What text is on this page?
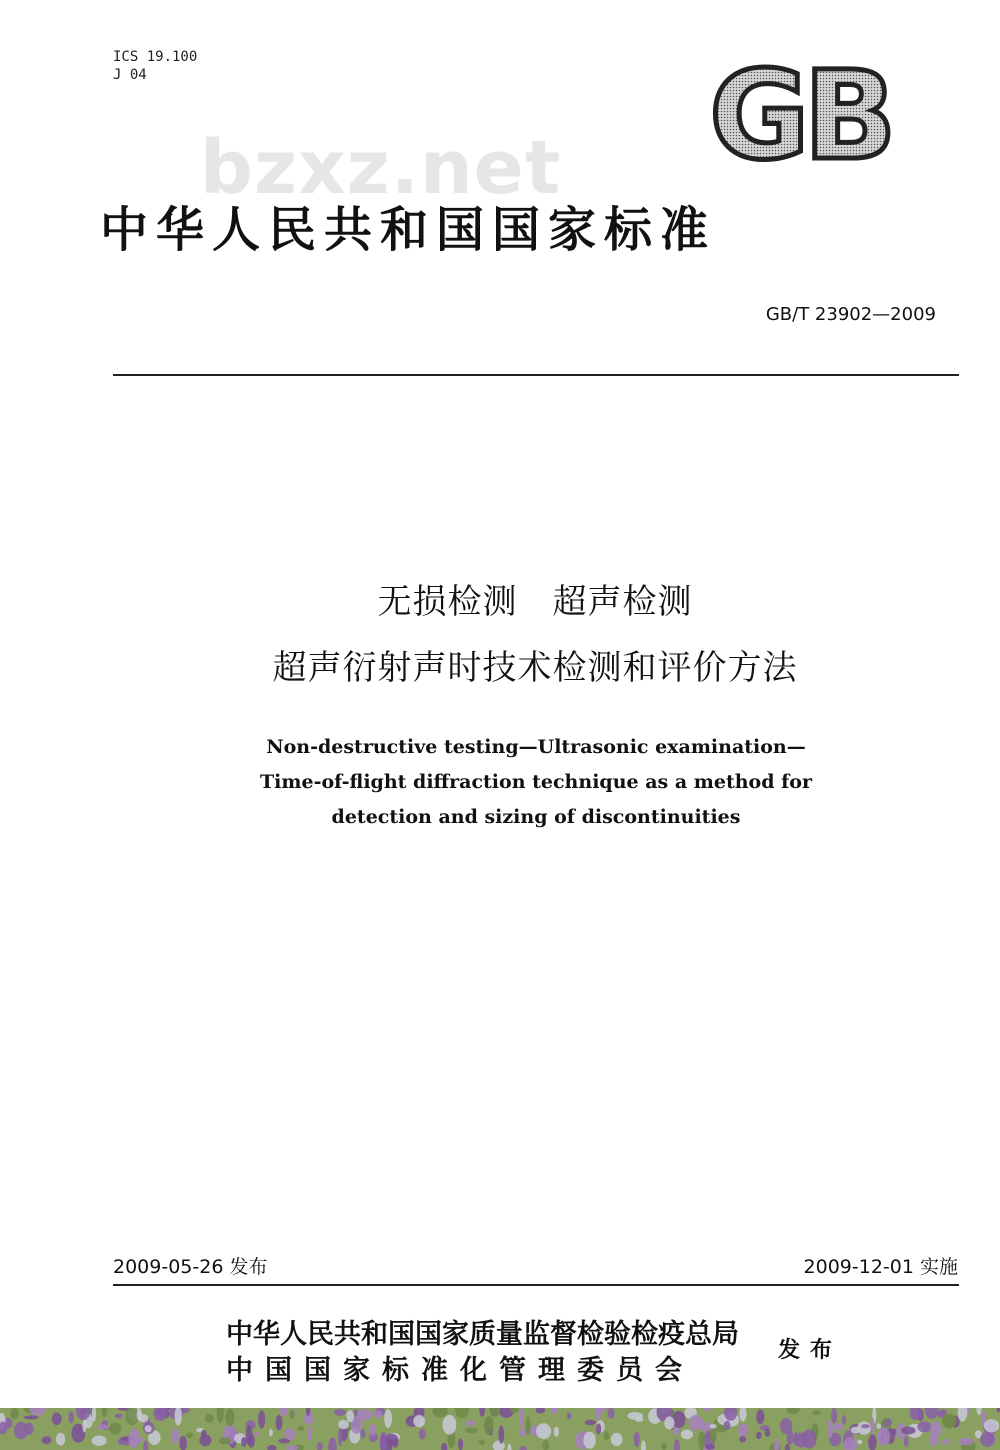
ICS 19.100
J 04	GB
bzxz.net
中华人民共和国国家标准
GB/T 23902—2009
无损检测　超声检测
超声衍射声时技术检测和评价方法
Non-destructive testing—Ultrasonic examination—
Time-of-flight diffraction technique as a method for
detection and sizing of discontinuities
2009-05-26 发布	2009-12-01 实施
中华人民共和国国家质量监督检验检疫总局
中国国家标准化管理委员会
发布
